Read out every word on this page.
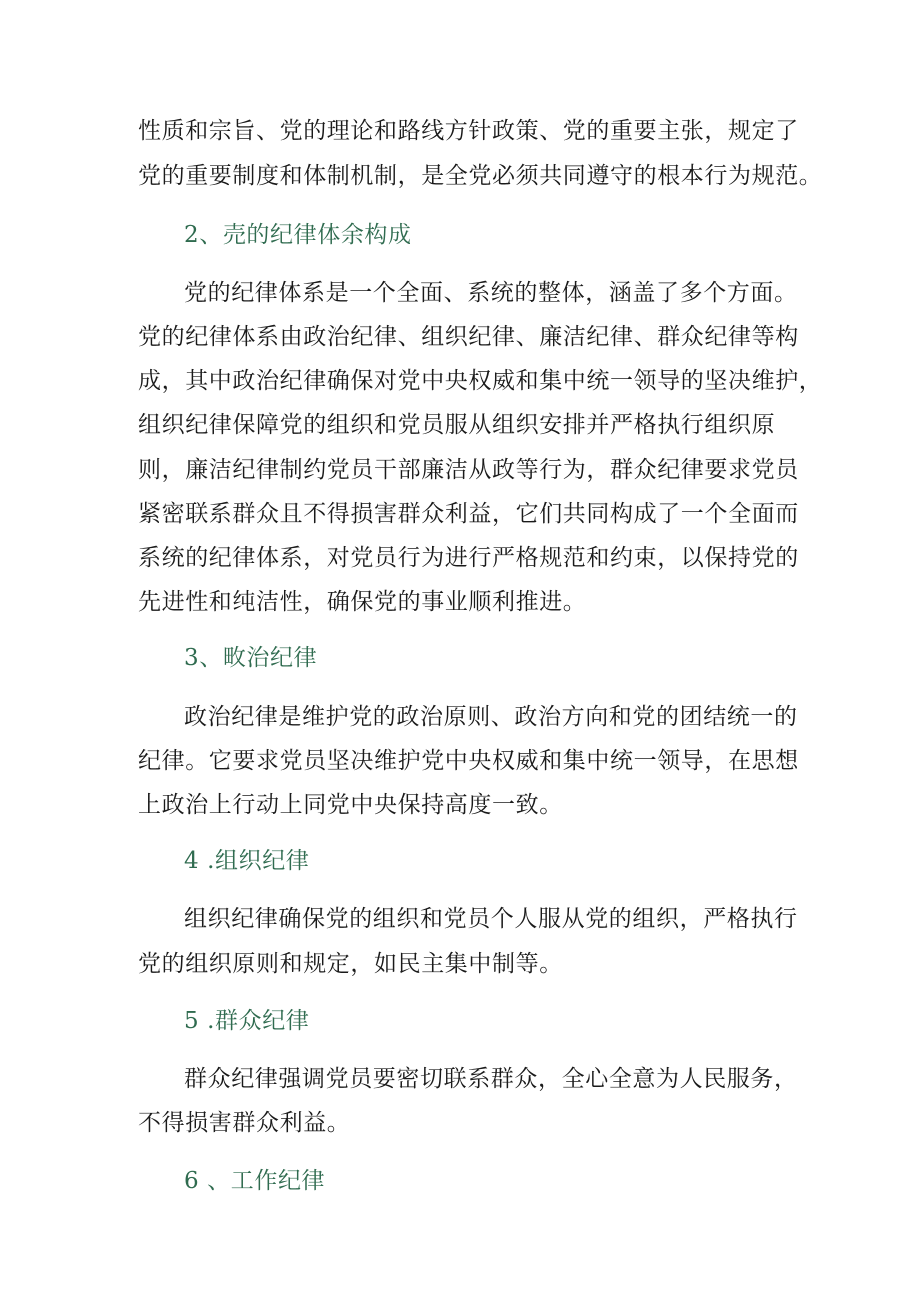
性质和宗旨、党的理论和路线方针政策、党的重要主张，规定了
党的重要制度和体制机制，是全党必须共同遵守的根本行为规范。
2、売的纪律体余构成
党的纪律体系是一个全面、系统的整体，涵盖了多个方面。
党的纪律体系由政治纪律、组织纪律、廉洁纪律、群众纪律等构
成，其中政治纪律确保对党中央权威和集中统一领导的坚决维护，
组织纪律保障党的组织和党员服从组织安排并严格执行组织原
则，廉洁纪律制约党员干部廉洁从政等行为，群众纪律要求党员
紧密联系群众且不得损害群众利益，它们共同构成了一个全面而
系统的纪律体系，对党员行为进行严格规范和约束，以保持党的
先进性和纯洁性，确保党的事业顺利推进。
3、畋治纪律
政治纪律是维护党的政治原则、政治方向和党的团结统一的
纪律。它要求党员坚决维护党中央权威和集中统一领导，在思想
上政治上行动上同党中央保持高度一致。
4 .组织纪律
组织纪律确保党的组织和党员个人服从党的组织，严格执行
党的组织原则和规定，如民主集中制等。
5 .群众纪律
群众纪律强调党员要密切联系群众，全心全意为人民服务，
不得损害群众利益。
6 、工作纪律
